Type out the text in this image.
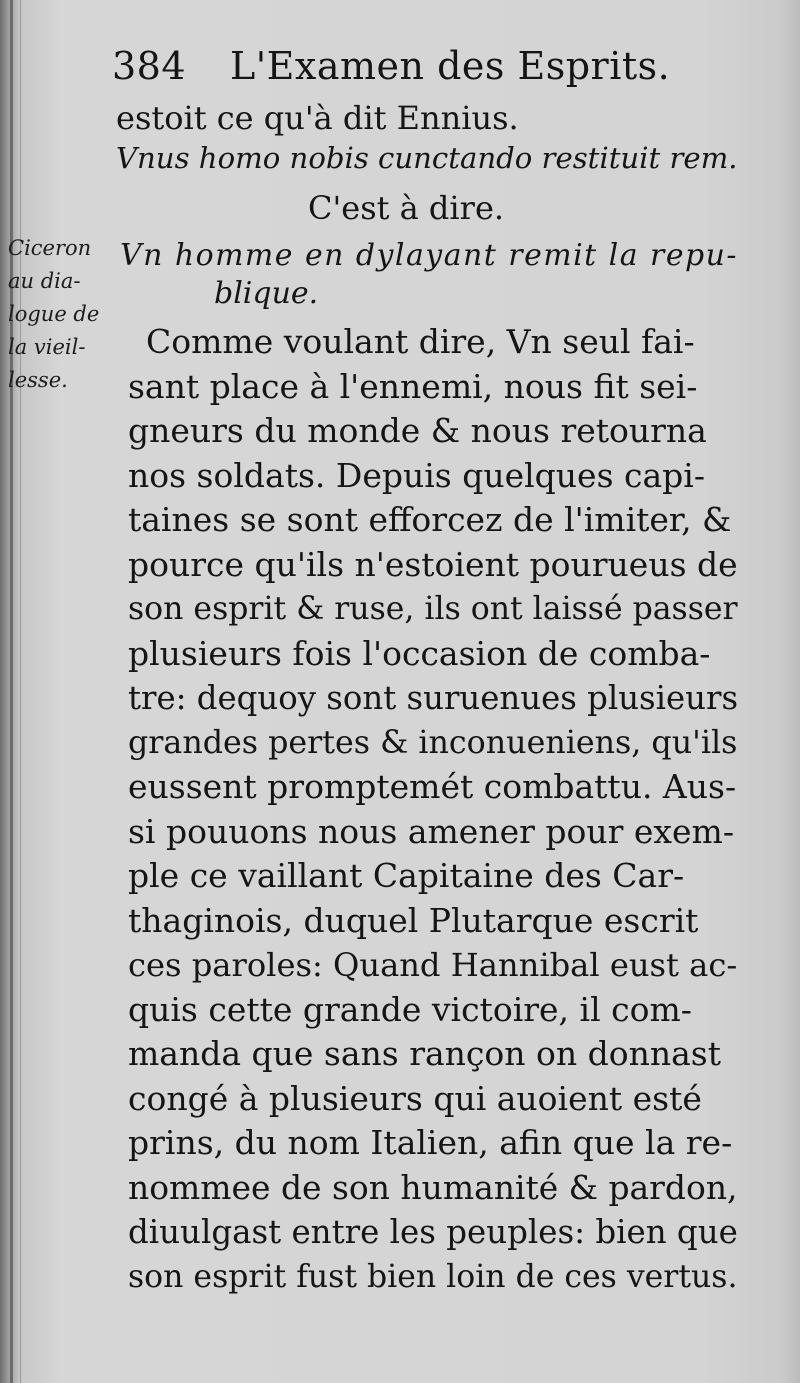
384 L'Examen des Esprits.
estoit ce qu'à dit Ennius.
Vnus homo nobis cunctando restituit rem.
C'est à dire.
Vn homme en dylayant remit la repu-
blique.
Ciceron
au dia-
logue de
la vieil-
lesse.
Comme voulant dire, Vn seul fai-
sant place à l'ennemi, nous fit sei-
gneurs du monde & nous retourna
nos soldats. Depuis quelques capi-
taines se sont efforcez de l'imiter, &
pource qu'ils n'estoient pourueus de
son esprit & ruse, ils ont laissé passer
plusieurs fois l'occasion de comba-
tre: dequoy sont suruenues plusieurs
grandes pertes & inconueniens, qu'ils
eussent promptemét combattu. Aus-
si pouuons nous amener pour exem-
ple ce vaillant Capitaine des Car-
thaginois, duquel Plutarque escrit
ces paroles: Quand Hannibal eust ac-
quis cette grande victoire, il com-
manda que sans rançon on donnast
congé à plusieurs qui auoient esté
prins, du nom Italien, afin que la re-
nommee de son humanité & pardon,
diuulgast entre les peuples: bien que
son esprit fust bien loin de ces vertus.
